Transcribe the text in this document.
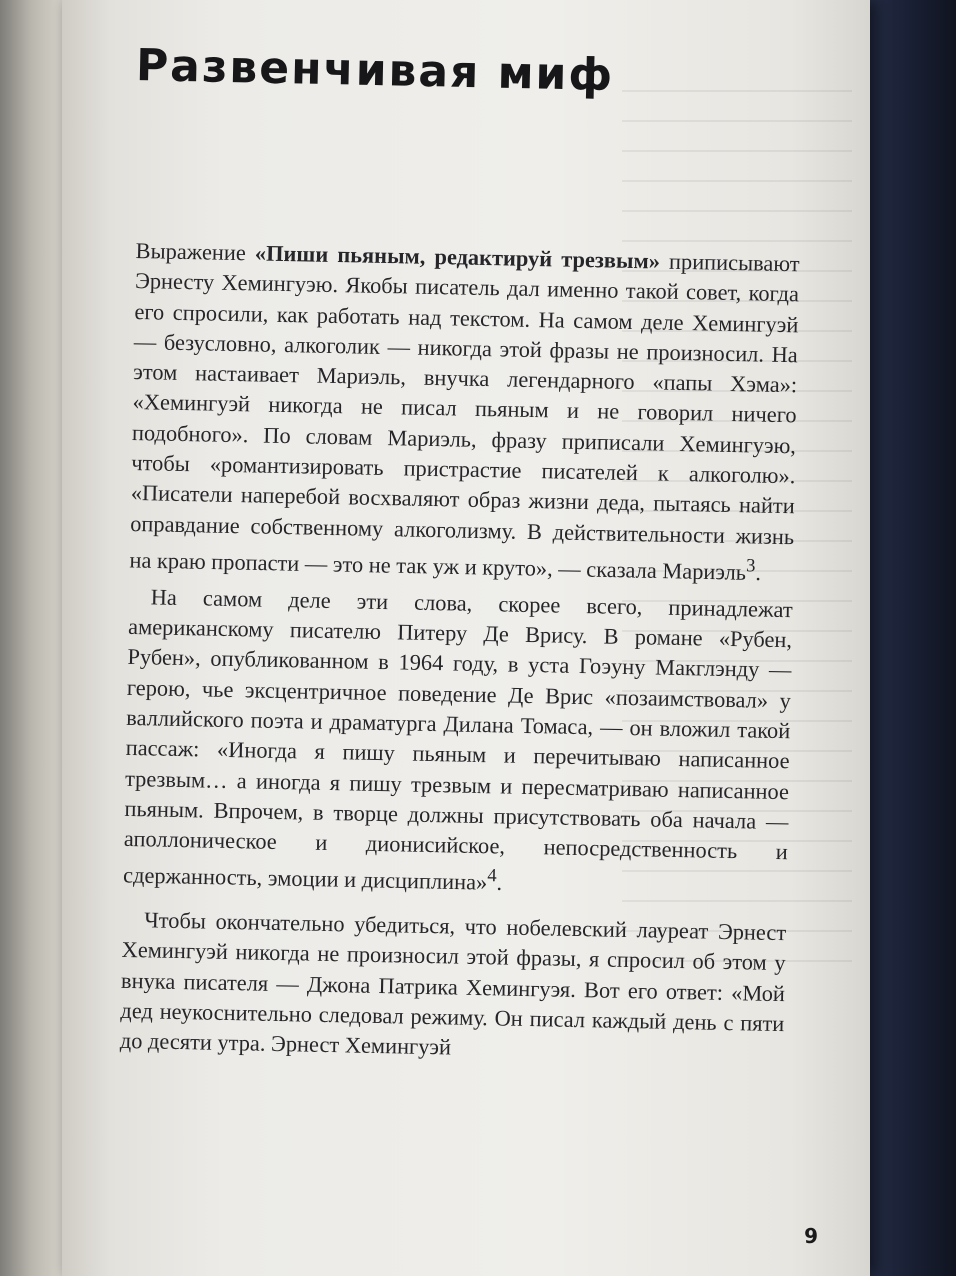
Развенчивая миф

Выражение «Пиши пьяным, редактируй трезвым» приписывают Эрнесту Хемингуэю. Якобы писатель дал именно такой совет, когда его спросили, как работать над текстом. На самом деле Хемингуэй — безусловно, алкоголик — никогда этой фразы не произносил. На этом настаивает Мариэль, внучка легендарного «папы Хэма»: «Хемингуэй никогда не писал пьяным и не говорил ничего подобного». По словам Мариэль, фразу приписали Хемингуэю, чтобы «романтизировать пристрастие писателей к алкоголю». «Писатели наперебой восхваляют образ жизни деда, пытаясь найти оправдание собственному алкоголизму. В действительности жизнь на краю пропасти — это не так уж и круто», — сказала Мариэль$^3$.

На самом деле эти слова, скорее всего, принадлежат американскому писателю Питеру Де Врису. В романе «Рубен, Рубен», опубликованном в 1964 году, в уста Гоэуну Макглэнду — герою, чье эксцентричное поведение Де Врис «позаимствовал» у валлийского поэта и драматурга Дилана Томаса, — он вложил такой пассаж: «Иногда я пишу пьяным и перечитываю написанное трезвым… а иногда я пишу трезвым и пересматриваю написанное пьяным. Впрочем, в творце должны присутствовать оба начала — аполлоническое и дионисийское, непосредственность и сдержанность, эмоции и дисциплина»$^4$.

Чтобы окончательно убедиться, что нобелевский лауреат Эрнест Хемингуэй никогда не произносил этой фразы, я спросил об этом у внука писателя — Джона Патрика Хемингуэя. Вот его ответ: «Мой дед неукоснительно следовал режиму. Он писал каждый день с пяти до десяти утра. Эрнест Хемингуэй

9
